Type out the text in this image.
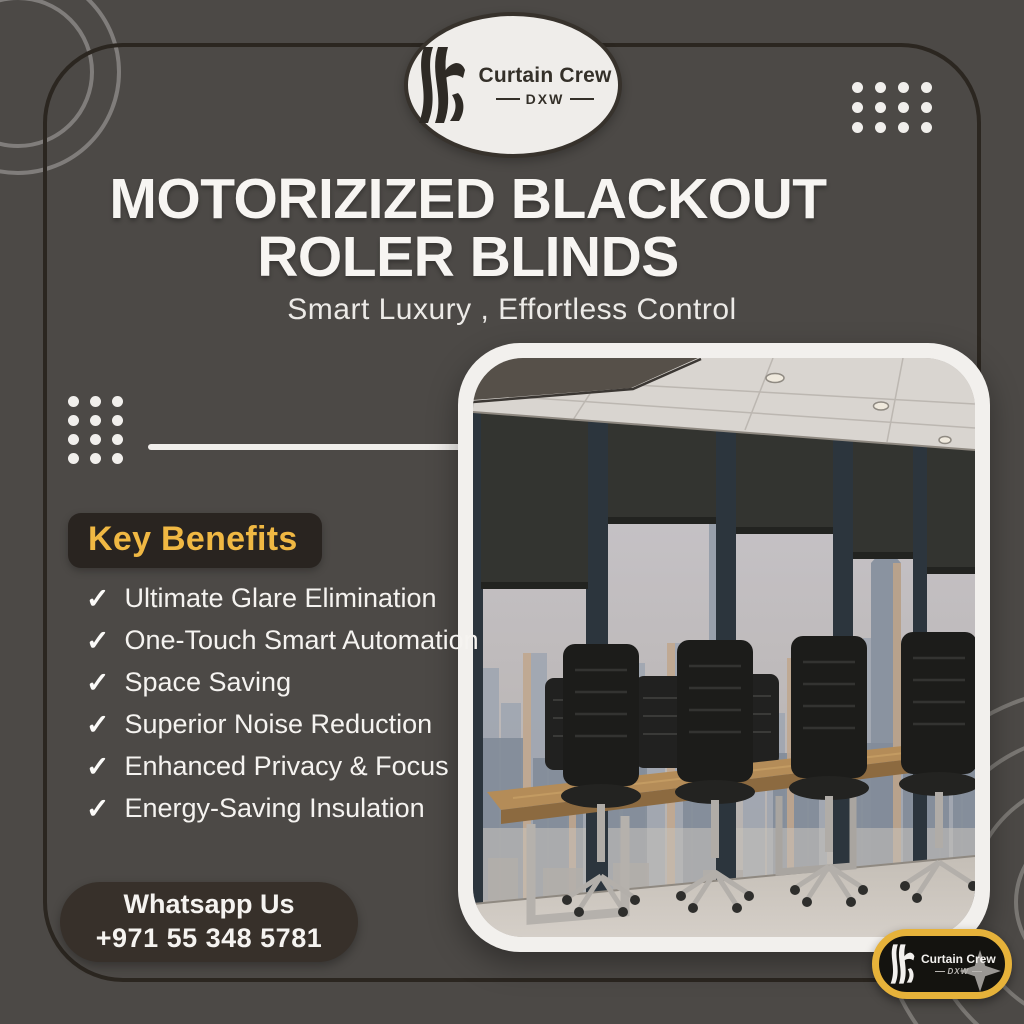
Curtain Crew
DXW
MOTORIZIZED BLACKOUT
ROLER BLINDS
Smart Luxury , Effortless Control
Key Benefits
✓ Ultimate Glare Elimination
✓ One-Touch Smart Automation
✓ Space Saving
✓ Superior Noise Reduction
✓ Enhanced Privacy & Focus
✓ Energy-Saving Insulation
Whatsapp Us
+971 55 348 5781
Curtain Crew
DXW
